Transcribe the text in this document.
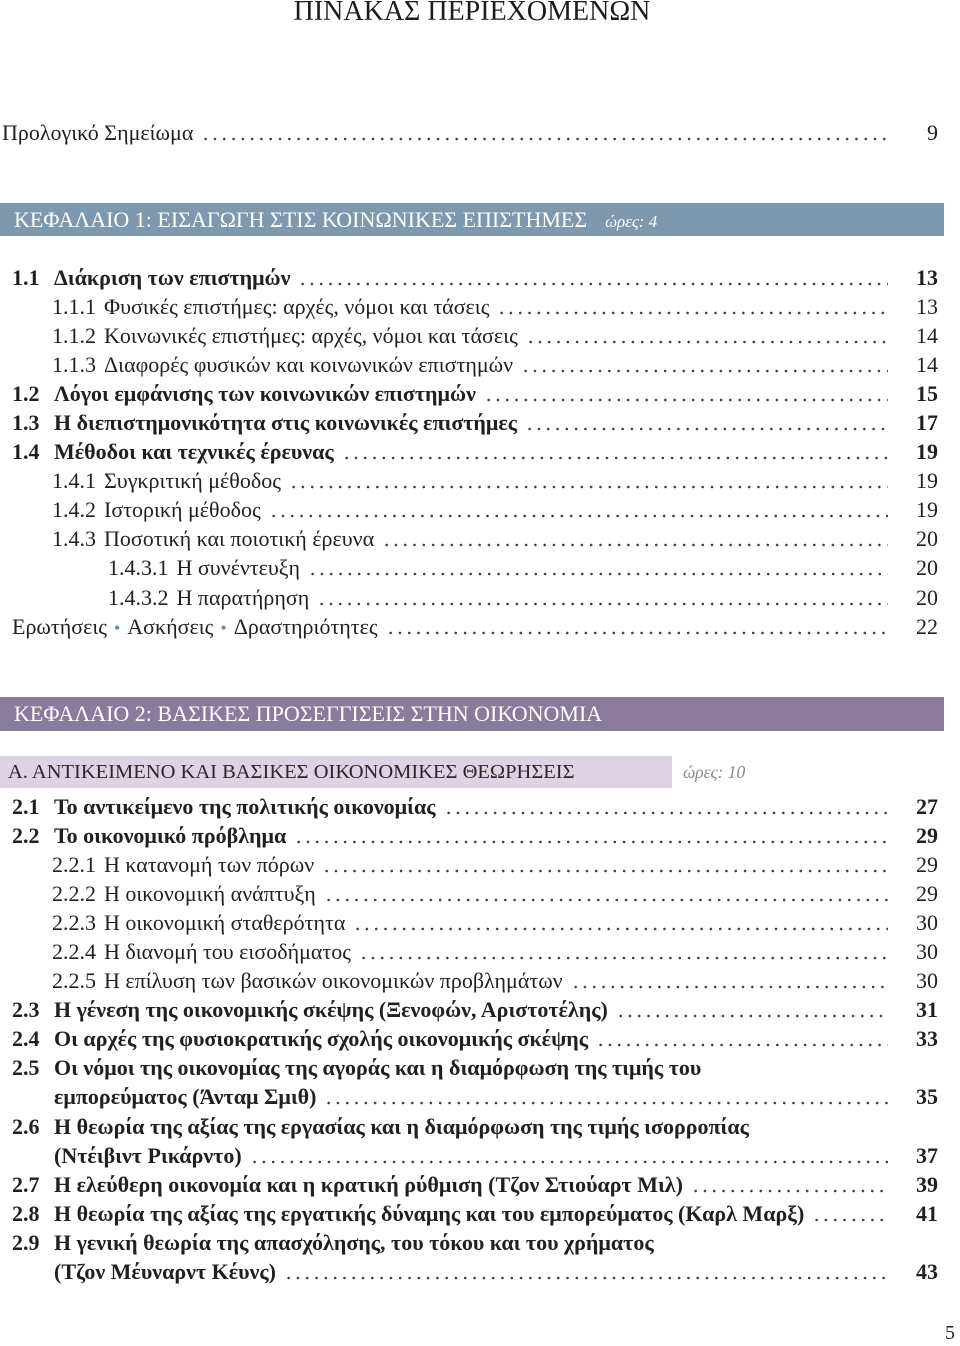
ΠΙΝΑΚΑΣ ΠΕΡΙΕΧΟΜΕΝΩΝ
Προλογικό Σημείωμα	9
ΚΕΦΑΛΑΙΟ 1: ΕΙΣΑΓΩΓΗ ΣΤΙΣ ΚΟΙΝΩΝΙΚΕΣ ΕΠΙΣΤΗΜΕΣ ώρες: 4
1.1 Διάκριση των επιστημών	13
1.1.1 Φυσικές επιστήμες: αρχές, νόμοι και τάσεις	13
1.1.2 Κοινωνικές επιστήμες: αρχές, νόμοι και τάσεις	14
1.1.3 Διαφορές φυσικών και κοινωνικών επιστημών	14
1.2 Λόγοι εμφάνισης των κοινωνικών επιστημών	15
1.3 Η διεπιστημονικότητα στις κοινωνικές επιστήμες	17
1.4 Μέθοδοι και τεχνικές έρευνας	19
1.4.1 Συγκριτική μέθοδος	19
1.4.2 Ιστορική μέθοδος	19
1.4.3 Ποσοτική και ποιοτική έρευνα	20
1.4.3.1 Η συνέντευξη	20
1.4.3.2 Η παρατήρηση	20
Ερωτήσεις • Ασκήσεις • Δραστηριότητες	22
ΚΕΦΑΛΑΙΟ 2: ΒΑΣΙΚΕΣ ΠΡΟΣΕΓΓΙΣΕΙΣ ΣΤΗΝ ΟΙΚΟΝΟΜΙΑ
Α. ΑΝΤΙΚΕΙΜΕΝΟ ΚΑΙ ΒΑΣΙΚΕΣ ΟΙΚΟΝΟΜΙΚΕΣ ΘΕΩΡΗΣΕΙΣ	ώρες: 10
2.1 Το αντικείμενο της πολιτικής οικονομίας	27
2.2 Το οικονομικό πρόβλημα	29
2.2.1 Η κατανομή των πόρων	29
2.2.2 Η οικονομική ανάπτυξη	29
2.2.3 Η οικονομική σταθερότητα	30
2.2.4 Η διανομή του εισοδήματος	30
2.2.5 Η επίλυση των βασικών οικονομικών προβλημάτων	30
2.3 Η γένεση της οικονομικής σκέψης (Ξενοφών, Αριστοτέλης)	31
2.4 Οι αρχές της φυσιοκρατικής σχολής οικονομικής σκέψης	33
2.5 Οι νόμοι της οικονομίας της αγοράς και η διαμόρφωση της τιμής του
εμπορεύματος (Άνταμ Σμιθ)	35
2.6 Η θεωρία της αξίας της εργασίας και η διαμόρφωση της τιμής ισορροπίας
(Ντέιβιντ Ρικάρντο)	37
2.7 Η ελεύθερη οικονομία και η κρατική ρύθμιση (Τζον Στιούαρτ Μιλ)	39
2.8 Η θεωρία της αξίας της εργατικής δύναμης και του εμπορεύματος (Καρλ Μαρξ)	41
2.9 Η γενική θεωρία της απασχόλησης, του τόκου και του χρήματος
(Τζον Μέυναρντ Κέυνς)	43
5
